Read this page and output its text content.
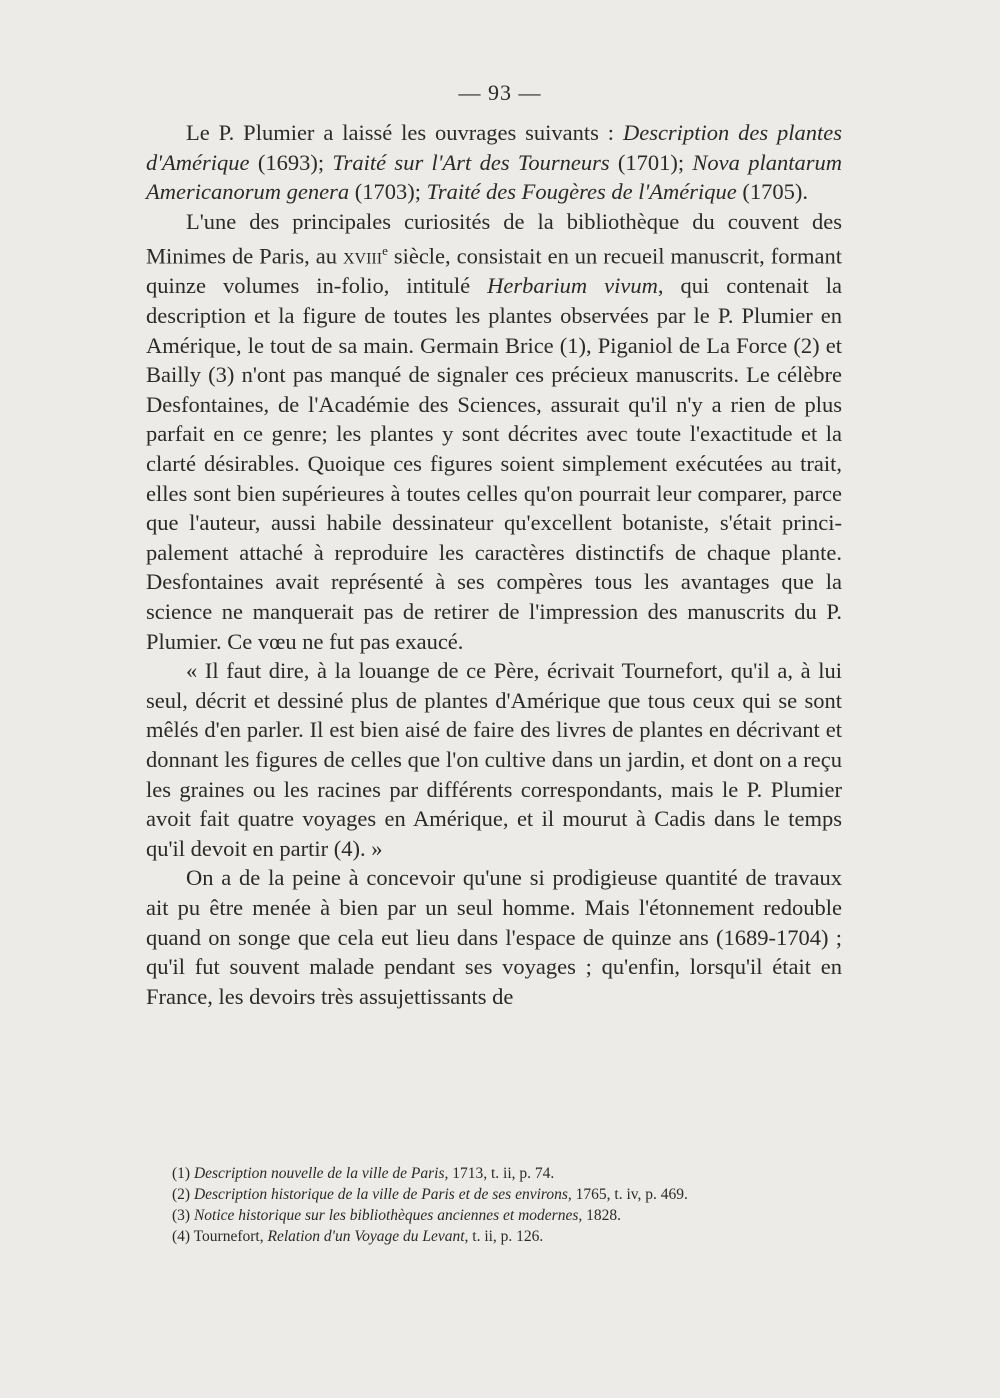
— 93 —

Le P. Plumier a laissé les ouvrages suivants : Description des plantes d'Amérique (1693); Traité sur l'Art des Tourneurs (1701); Nova plantarum Americanorum genera (1703); Traité des Fougères de l'Amérique (1705).

L'une des principales curiosités de la bibliothèque du couvent des Minimes de Paris, au xviii$^e$ siècle, consistait en un recueil manuscrit, formant quinze volumes in-folio, intitulé Herbarium vivum, qui contenait la description et la figure de toutes les plantes observées par le P. Plumier en Amérique, le tout de sa main. Germain Brice (1), Piganiol de La Force (2) et Bailly (3) n'ont pas manqué de signaler ces précieux manuscrits. Le célèbre Desfontaines, de l'Académie des Sciences, assurait qu'il n'y a rien de plus parfait en ce genre; les plantes y sont décrites avec toute l'exactitude et la clarté désirables. Quoique ces figures soient simplement exécutées au trait, elles sont bien supérieures à toutes celles qu'on pourrait leur comparer, parce que l'auteur, aussi habile dessinateur qu'excellent botaniste, s'était principalement attaché à reproduire les caractères distinctifs de chaque plante. Desfontaines avait représenté à ses compères tous les avantages que la science ne manquerait pas de retirer de l'impression des manuscrits du P. Plumier. Ce vœu ne fut pas exaucé.

« Il faut dire, à la louange de ce Père, écrivait Tournefort, qu'il a, à lui seul, décrit et dessiné plus de plantes d'Amérique que tous ceux qui se sont mêlés d'en parler. Il est bien aisé de faire des livres de plantes en décrivant et donnant les figures de celles que l'on cultive dans un jardin, et dont on a reçu les graines ou les racines par différents correspondants, mais le P. Plumier avoit fait quatre voyages en Amérique, et il mourut à Cadis dans le temps qu'il devoit en partir (4). »

On a de la peine à concevoir qu'une si prodigieuse quantité de travaux ait pu être menée à bien par un seul homme. Mais l'étonnement redouble quand on songe que cela eut lieu dans l'espace de quinze ans (1689-1704) ; qu'il fut souvent malade pendant ses voyages ; qu'enfin, lorsqu'il était en France, les devoirs très assujettissants de

(1) Description nouvelle de la ville de Paris, 1713, t. ii, p. 74.
(2) Description historique de la ville de Paris et de ses environs, 1765, t. iv, p. 469.
(3) Notice historique sur les bibliothèques anciennes et modernes, 1828.
(4) Tournefort, Relation d'un Voyage du Levant, t. ii, p. 126.
